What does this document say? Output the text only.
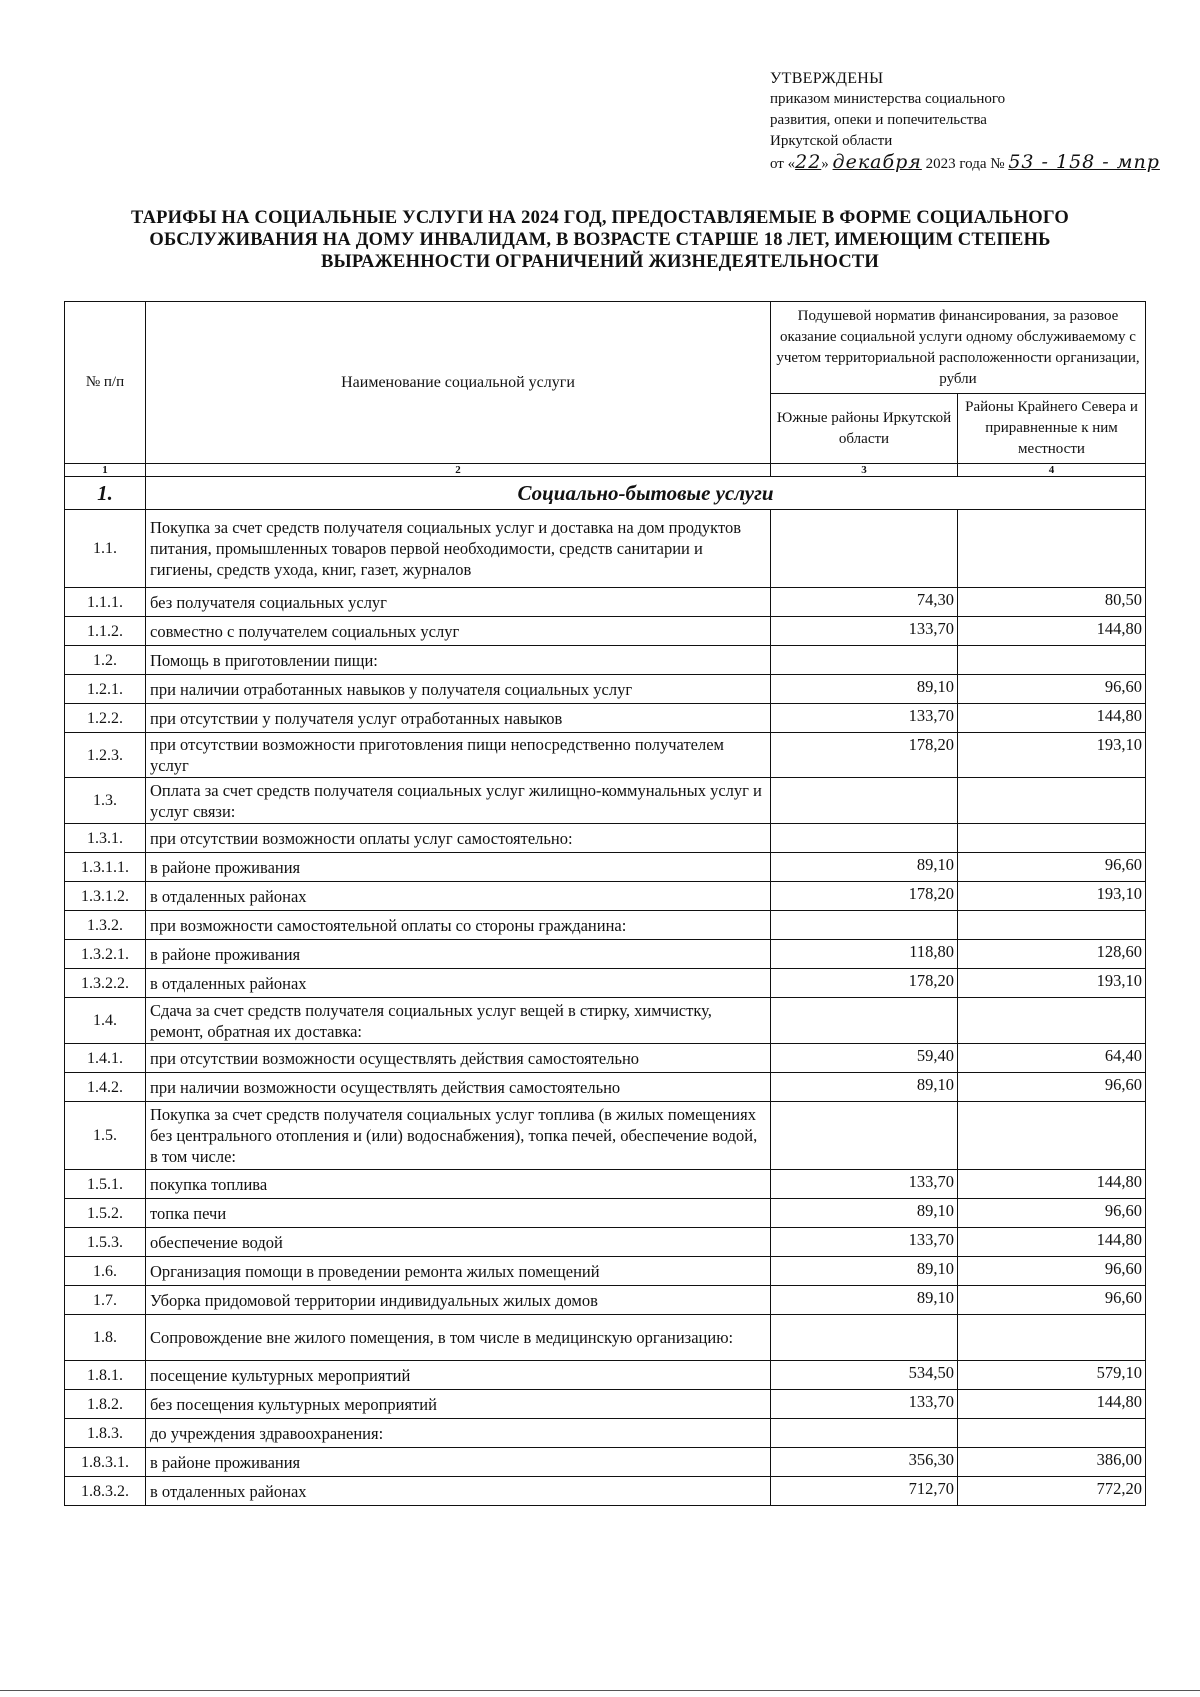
УТВЕРЖДЕНЫ
приказом министерства социального
развития, опеки и попечительства
Иркутской области
от «22» декабря 2023 года № 53 - 158 - мпр
ТАРИФЫ НА СОЦИАЛЬНЫЕ УСЛУГИ НА 2024 ГОД, ПРЕДОСТАВЛЯЕМЫЕ В ФОРМЕ СОЦИАЛЬНОГО ОБСЛУЖИВАНИЯ НА ДОМУ ИНВАЛИДАМ, В ВОЗРАСТЕ СТАРШЕ 18 ЛЕТ, ИМЕЮЩИМ СТЕПЕНЬ ВЫРАЖЕННОСТИ ОГРАНИЧЕНИЙ ЖИЗНЕДЕЯТЕЛЬНОСТИ
№ п/п	Наименование социальной услуги	Подушевой норматив финансирования, за разовое оказание социальной услуги одному обслуживаемому с учетом территориальной расположенности организации, рубли	
		Южные районы Иркутской области	Районы Крайнего Севера и приравненные к ним местности
1	2	3	4
1.	Социально-бытовые услуги		
1.1.	Покупка за счет средств получателя социальных услуг и доставка на дом продуктов питания, промышленных товаров первой необходимости, средств санитарии и гигиены, средств ухода, книг, газет, журналов		
1.1.1.	без получателя социальных услуг	74,30	80,50
1.1.2.	совместно с получателем социальных услуг	133,70	144,80
1.2.	Помощь в приготовлении пищи:		
1.2.1.	при наличии отработанных навыков у получателя социальных услуг	89,10	96,60
1.2.2.	при отсутствии у получателя услуг отработанных навыков	133,70	144,80
1.2.3.	при отсутствии возможности приготовления пищи непосредственно получателем услуг	178,20	193,10
1.3.	Оплата за счет средств получателя социальных услуг жилищно-коммунальных услуг и услуг связи:		
1.3.1.	при отсутствии возможности оплаты услуг самостоятельно:		
1.3.1.1.	в районе проживания	89,10	96,60
1.3.1.2.	в отдаленных районах	178,20	193,10
1.3.2.	при возможности самостоятельной оплаты со стороны гражданина:		
1.3.2.1.	в районе проживания	118,80	128,60
1.3.2.2.	в отдаленных районах	178,20	193,10
1.4.	Сдача за счет средств получателя социальных услуг вещей в стирку, химчистку, ремонт, обратная их доставка:		
1.4.1.	при отсутствии возможности осуществлять действия самостоятельно	59,40	64,40
1.4.2.	при наличии возможности осуществлять действия самостоятельно	89,10	96,60
1.5.	Покупка за счет средств получателя социальных услуг топлива (в жилых помещениях без центрального отопления и (или) водоснабжения), топка печей, обеспечение водой, в том числе:		
1.5.1.	покупка топлива	133,70	144,80
1.5.2.	топка печи	89,10	96,60
1.5.3.	обеспечение водой	133,70	144,80
1.6.	Организация помощи в проведении ремонта жилых помещений	89,10	96,60
1.7.	Уборка придомовой территории индивидуальных жилых домов	89,10	96,60
1.8.	Сопровождение вне жилого помещения, в том числе в медицинскую организацию:		
1.8.1.	посещение культурных мероприятий	534,50	579,10
1.8.2.	без посещения культурных мероприятий	133,70	144,80
1.8.3.	до учреждения здравоохранения:		
1.8.3.1.	в районе проживания	356,30	386,00
1.8.3.2.	в отдаленных районах	712,70	772,20
